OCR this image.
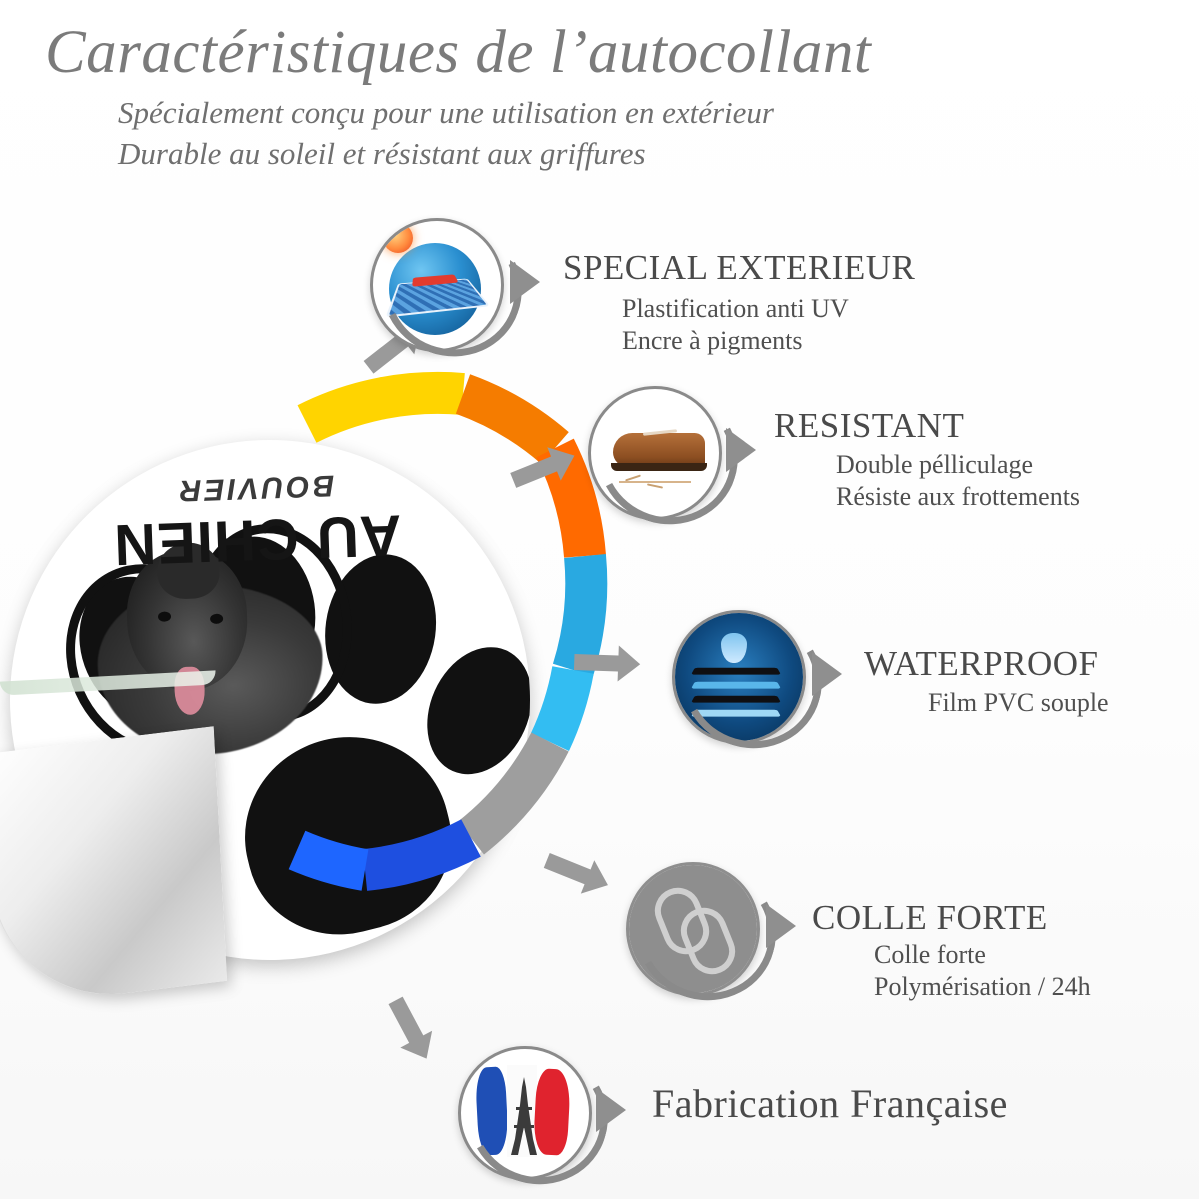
Caractéristiques de l’autocollant
Spécialement conçu pour une utilisation en extérieur
Durable au soleil et résistant aux griffures
AU CHIEN
BOUVIER
SPECIAL EXTERIEUR
Plastification anti UV
Encre à pigments
RESISTANT
Double pélliculage
Résiste aux frottements
WATERPROOF
Film PVC souple
COLLE FORTE
Colle forte
Polymérisation / 24h
Fabrication Française
